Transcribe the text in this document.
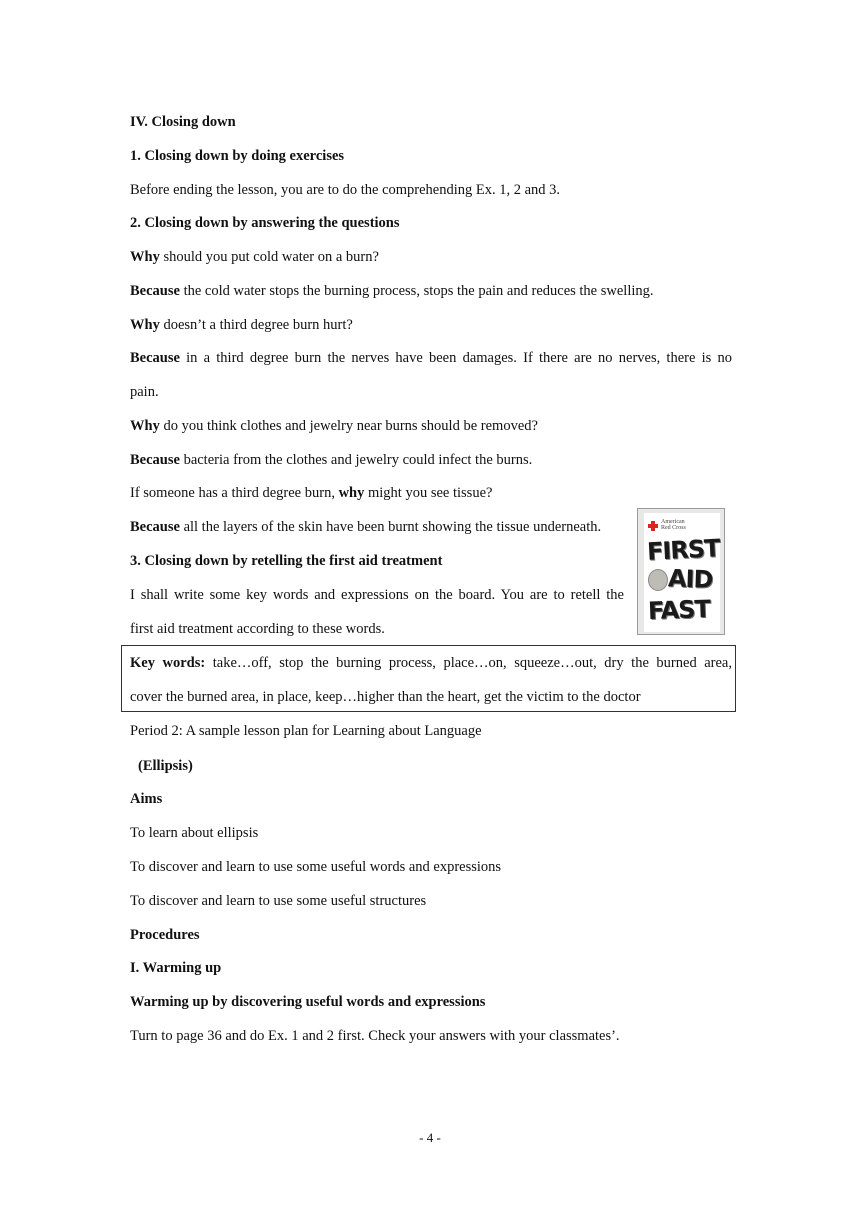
IV. Closing down
1. Closing down by doing exercises
Before ending the lesson, you are to do the comprehending Ex. 1, 2 and 3.
2. Closing down by answering the questions
Why should you put cold water on a burn?
Because the cold water stops the burning process, stops the pain and reduces the swelling.
Why doesn’t a third degree burn hurt?
Because in a third degree burn the nerves have been damages. If there are no nerves, there is no
pain.
Why do you think clothes and jewelry near burns should be removed?
Because bacteria from the clothes and jewelry could infect the burns.
If someone has a third degree burn, why might you see tissue?
Because all the layers of the skin have been burnt showing the tissue underneath.
3. Closing down by retelling the first aid treatment
I shall write some key words and expressions on the board. You are to retell the
first aid treatment according to these words.
American
Red Cross
FIRST
AID
FAST
Key words: take…off, stop the burning process, place…on, squeeze…out, dry the burned area,
cover the burned area, in place, keep…higher than the heart, get the victim to the doctor
Period 2: A sample lesson plan for Learning about Language
(Ellipsis)
Aims
To learn about ellipsis
To discover and learn to use some useful words and expressions
To discover and learn to use some useful structures
Procedures
I. Warming up
Warming up by discovering useful words and expressions
Turn to page 36 and do Ex. 1 and 2 first. Check your answers with your classmates’.
- 4 -
